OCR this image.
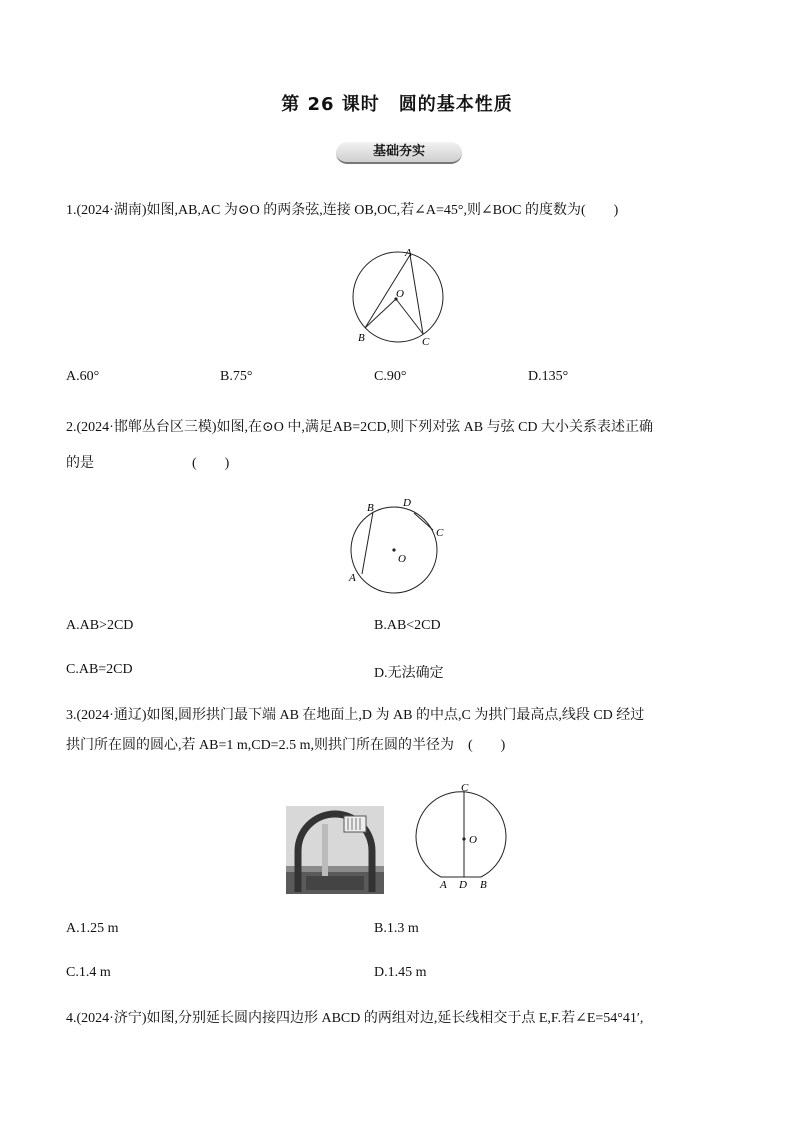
第 26 课时　圆的基本性质
基础夯实
1.(2024·湖南)如图,AB,AC 为⊙O 的两条弦,连接 OB,OC,若∠A=45°,则∠BOC 的度数为(　　)
A
O
B	C
A.60°	B.75°	C.90°	D.135°
2.(2024·邯郸丛台区三模)如图,在⊙O 中,满足AB=2CD,则下列对弦 AB 与弦 CD 大小关系表述正确
的是　　　　　　　(　　)
B	D
C
O
A
A.AB>2CD	B.AB<2CD
C.AB=2CD	D.无法确定
3.(2024·通辽)如图,圆形拱门最下端 AB 在地面上,D 为 AB 的中点,C 为拱门最高点,线段 CD 经过
拱门所在圆的圆心,若 AB=1 m,CD=2.5 m,则拱门所在圆的半径为　(　　)
C
O
A D B
A.1.25 m	B.1.3 m
C.1.4 m	D.1.45 m
4.(2024·济宁)如图,分别延长圆内接四边形 ABCD 的两组对边,延长线相交于点 E,F.若∠E=54°41′,
